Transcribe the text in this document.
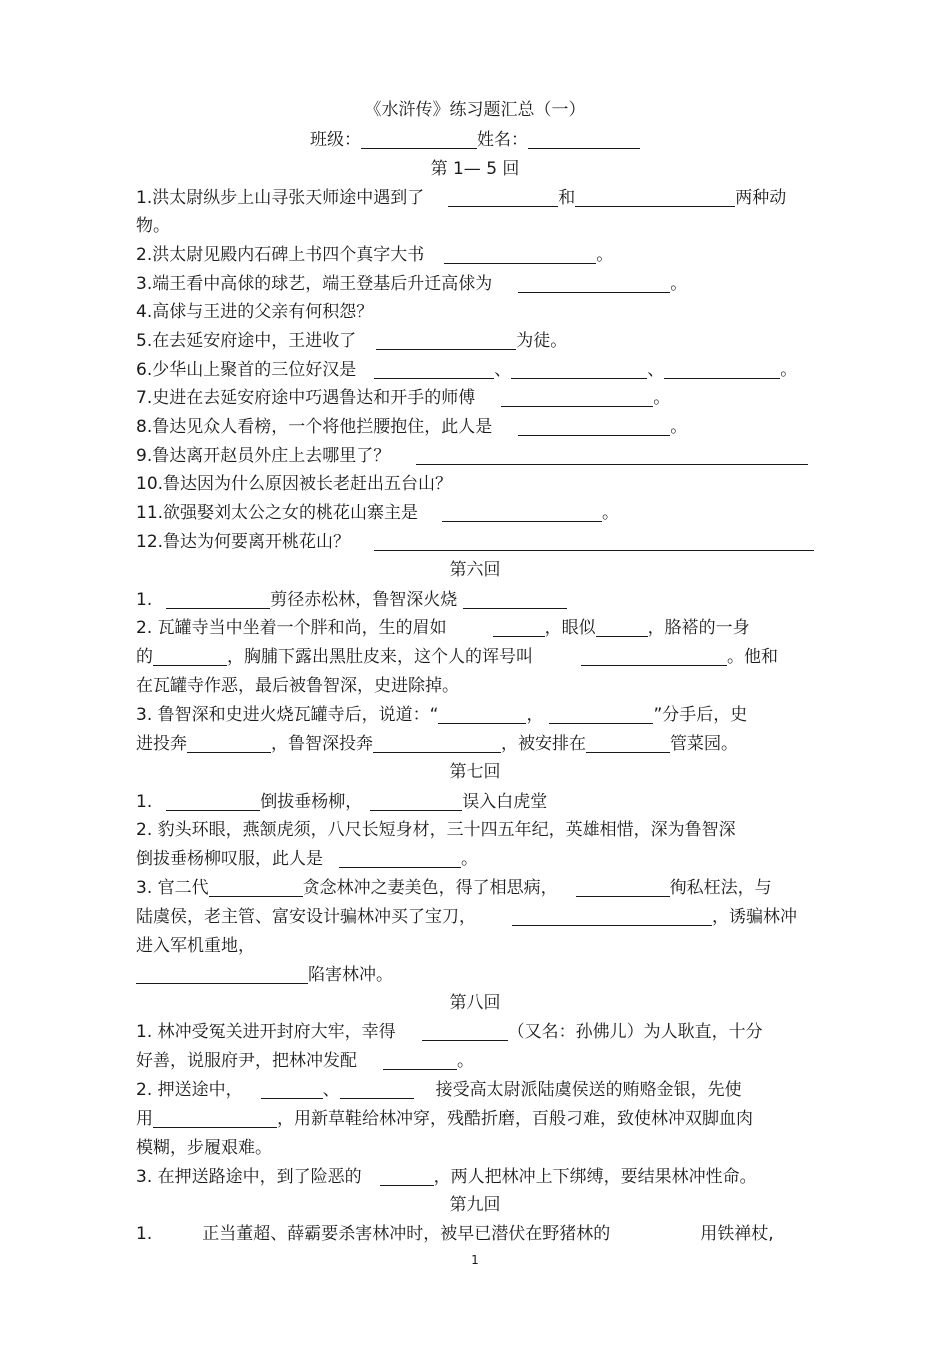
《水浒传》练习题汇总（一）
班级：	姓名：
第 1— 5 回
1.洪太尉纵步上山寻张天师途中遇到了	和	两种动
物。
2.洪太尉见殿内石碑上书四个真字大书	。
3.端王看中高俅的球艺，端王登基后升迁高俅为	。
4.高俅与王进的父亲有何积怨？
5.在去延安府途中，王进收了	为徒。
6.少华山上聚首的三位好汉是	、	、	。
7.史进在去延安府途中巧遇鲁达和开手的师傅	。
8.鲁达见众人看榜，一个将他拦腰抱住，此人是	。
9.鲁达离开赵员外庄上去哪里了？
10.鲁达因为什么原因被长老赶出五台山？
11.欲强娶刘太公之女的桃花山寨主是	。
12.鲁达为何要离开桃花山？
第六回
1.	剪径赤松林，鲁智深火烧
2. 瓦罐寺当中坐着一个胖和尚，生的眉如	，眼似	，胳褡的一身
的	，胸脯下露出黑肚皮来，这个人的诨号叫	。他和
在瓦罐寺作恶，最后被鲁智深，史进除掉。
3. 鲁智深和史进火烧瓦罐寺后，说道：“	，	”分手后，史
进投奔	，鲁智深投奔	，被安排在	管菜园。
第七回
1.	倒拔垂杨柳，	误入白虎堂
2. 豹头环眼，燕颔虎须，八尺长短身材，三十四五年纪，英雄相惜，深为鲁智深
倒拔垂杨柳叹服，此人是	。
3. 官二代	贪念林冲之妻美色，得了相思病，	徇私枉法，与
陆虞侯，老主管、富安设计骗林冲买了宝刀，	，诱骗林冲
进入军机重地，
陷害林冲。
第八回
1. 林冲受冤关进开封府大牢，幸得	（又名：孙佛儿）为人耿直，十分
好善，说服府尹，把林冲发配	。
2. 押送途中，	、	接受高太尉派陆虞侯送的贿赂金银，先使
用	，用新草鞋给林冲穿，残酷折磨，百般刁难，致使林冲双脚血肉
模糊，步履艰难。
3. 在押送路途中，到了险恶的	，两人把林冲上下绑缚，要结果林冲性命。
第九回
1.	正当董超、薛霸要杀害林冲时，被早已潜伏在野猪林的	用铁禅杖,
1
